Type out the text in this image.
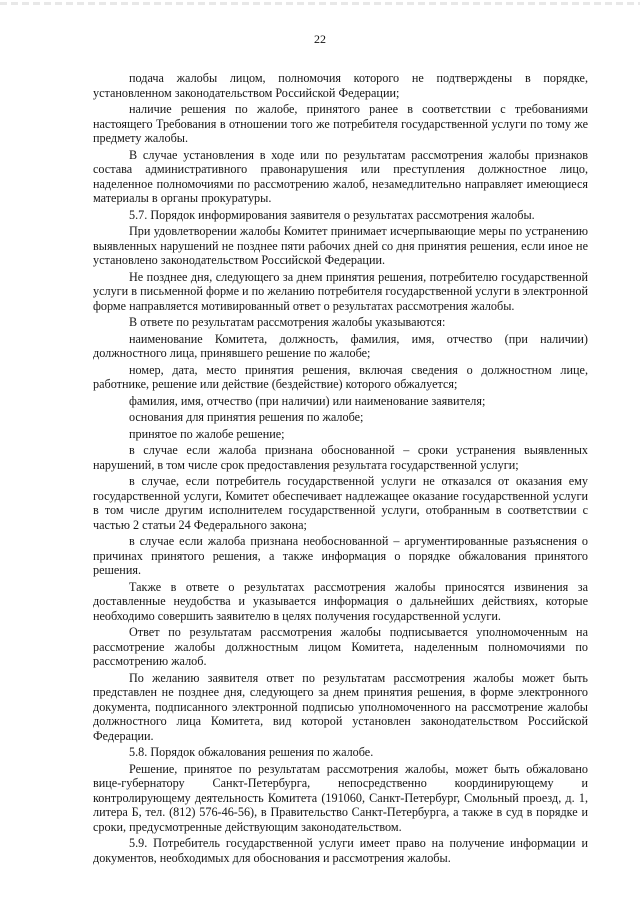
22

подача жалобы лицом, полномочия которого не подтверждены в порядке, установленном законодательством Российской Федерации;

наличие решения по жалобе, принятого ранее в соответствии с требованиями настоящего Требования в отношении того же потребителя государственной услуги по тому же предмету жалобы.

В случае установления в ходе или по результатам рассмотрения жалобы признаков состава административного правонарушения или преступления должностное лицо, наделенное полномочиями по рассмотрению жалоб, незамедлительно направляет имеющиеся материалы в органы прокуратуры.

5.7. Порядок информирования заявителя о результатах рассмотрения жалобы.

При удовлетворении жалобы Комитет принимает исчерпывающие меры по устранению выявленных нарушений не позднее пяти рабочих дней со дня принятия решения, если иное не установлено законодательством Российской Федерации.

Не позднее дня, следующего за днем принятия решения, потребителю государственной услуги в письменной форме и по желанию потребителя государственной услуги в электронной форме направляется мотивированный ответ о результатах рассмотрения жалобы.

В ответе по результатам рассмотрения жалобы указываются:

наименование Комитета, должность, фамилия, имя, отчество (при наличии) должностного лица, принявшего решение по жалобе;

номер, дата, место принятия решения, включая сведения о должностном лице, работнике, решение или действие (бездействие) которого обжалуется;

фамилия, имя, отчество (при наличии) или наименование заявителя;

основания для принятия решения по жалобе;

принятое по жалобе решение;

в случае если жалоба признана обоснованной – сроки устранения выявленных нарушений, в том числе срок предоставления результата государственной услуги;

в случае, если потребитель государственной услуги не отказался от оказания ему государственной услуги, Комитет обеспечивает надлежащее оказание государственной услуги в том числе другим исполнителем государственной услуги, отобранным в соответствии с частью 2 статьи 24 Федерального закона;

в случае если жалоба признана необоснованной – аргументированные разъяснения о причинах принятого решения, а также информация о порядке обжалования принятого решения.

Также в ответе о результатах рассмотрения жалобы приносятся извинения за доставленные неудобства и указывается информация о дальнейших действиях, которые необходимо совершить заявителю в целях получения государственной услуги.

Ответ по результатам рассмотрения жалобы подписывается уполномоченным на рассмотрение жалобы должностным лицом Комитета, наделенным полномочиями по рассмотрению жалоб.

По желанию заявителя ответ по результатам рассмотрения жалобы может быть представлен не позднее дня, следующего за днем принятия решения, в форме электронного документа, подписанного электронной подписью уполномоченного на рассмотрение жалобы должностного лица Комитета, вид которой установлен законодательством Российской Федерации.

5.8. Порядок обжалования решения по жалобе.

Решение, принятое по результатам рассмотрения жалобы, может быть обжаловано вице-губернатору Санкт-Петербурга, непосредственно координирующему и контролирующему деятельность Комитета (191060, Санкт-Петербург, Смольный проезд, д. 1, литера Б, тел. (812) 576-46-56), в Правительство Санкт-Петербурга, а также в суд в порядке и сроки, предусмотренные действующим законодательством.

5.9. Потребитель государственной услуги имеет право на получение информации и документов, необходимых для обоснования и рассмотрения жалобы.
